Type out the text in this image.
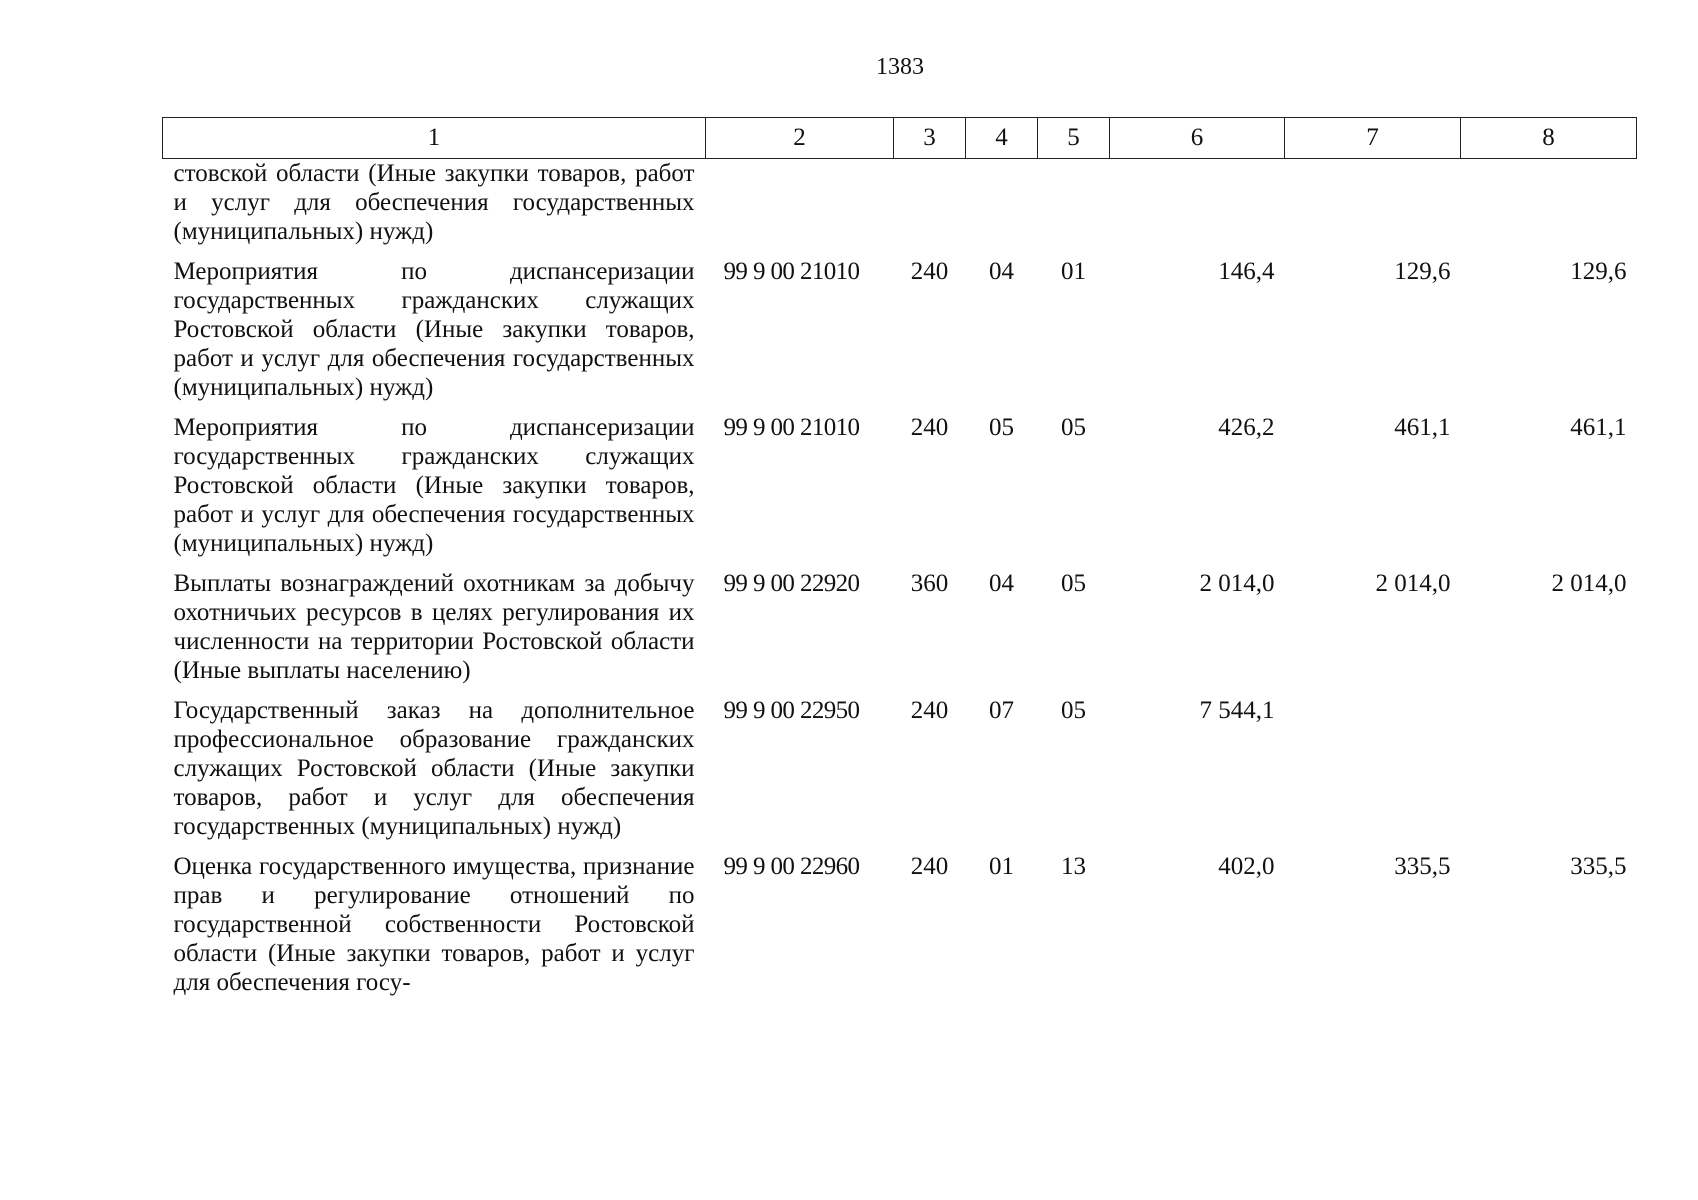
1383
1	2	3	4	5	6	7	8
стовской области (Иные закупки товаров, работ и услуг для обеспечения государственных (муниципальных) нужд)							
Мероприятия по диспансеризации государственных гражданских служащих Ростовской области (Иные закупки товаров, работ и услуг для обеспечения государственных (муниципальных) нужд)	99 9 00 21010	240	04	01	146,4	129,6	129,6
Мероприятия по диспансеризации государственных гражданских служащих Ростовской области (Иные закупки товаров, работ и услуг для обеспечения государственных (муниципальных) нужд)	99 9 00 21010	240	05	05	426,2	461,1	461,1
Выплаты вознаграждений охотникам за добычу охотничьих ресурсов в целях регулирования их численности на территории Ростовской области (Иные выплаты населению)	99 9 00 22920	360	04	05	2 014,0	2 014,0	2 014,0
Государственный заказ на дополнительное профессиональное образование гражданских служащих Ростовской области (Иные закупки товаров, работ и услуг для обеспечения государственных (муниципальных) нужд)	99 9 00 22950	240	07	05	7 544,1		
Оценка государственного имущества, признание прав и регулирование отношений по государственной собственности Ростовской области (Иные закупки товаров, работ и услуг для обеспечения госу-	99 9 00 22960	240	01	13	402,0	335,5	335,5
